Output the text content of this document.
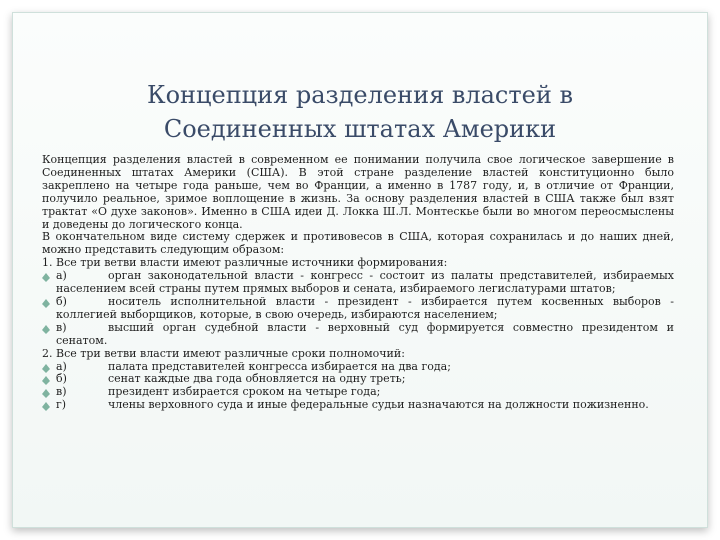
Концепция разделения властей в
Соединенных штатах Америки
Концепция разделения властей в современном ее понимании получила свое логическое завершение в Соединенных штатах Америки (США). В этой стране разделение властей конституционно было закреплено на четыре года раньше, чем во Франции, а именно в 1787 году, и, в отличие от Франции, получило реальное, зримое воплощение в жизнь. За основу разделения властей в США также был взят трактат «О духе законов». Именно в США идеи Д. Локка Ш.Л. Монтескье были во многом переосмыслены и доведены до логического конца.
В окончательном виде систему сдержек и противовесов в США, которая сохранилась и до наших дней, можно представить следующим образом:
1. Все три ветви власти имеют различные источники формирования:
а)	орган законодательной власти - конгресс - состоит из палаты представителей, избираемых населением всей страны путем прямых выборов и сената, избираемого легислатурами штатов;
б)	носитель исполнительной власти - президент - избирается путем косвенных выборов - коллегией выборщиков, которые, в свою очередь, избираются населением;
в)	высший орган судебной власти - верховный суд формируется совместно президентом и сенатом.
2. Все три ветви власти имеют различные сроки полномочий:
а)	палата представителей конгресса избирается на два года;
б)	сенат каждые два года обновляется на одну треть;
в)	президент избирается сроком на четыре года;
г)	члены верховного суда и иные федеральные судьи назначаются на должности пожизненно.
